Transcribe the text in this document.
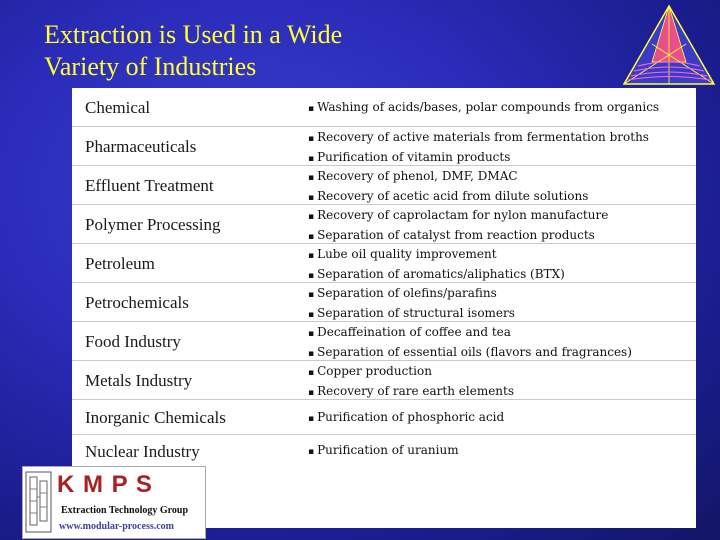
Extraction is Used in a Wide
Variety of Industries
Chemical	▪ Washing of acids/bases, polar compounds from organics
Pharmaceuticals	▪ Recovery of active materials from fermentation broths
▪ Purification of vitamin products
Effluent Treatment	▪ Recovery of phenol, DMF, DMAC
▪ Recovery of acetic acid from dilute solutions
Polymer Processing	▪ Recovery of caprolactam for nylon manufacture
▪ Separation of catalyst from reaction products
Petroleum	▪ Lube oil quality improvement
▪ Separation of aromatics/aliphatics (BTX)
Petrochemicals	▪ Separation of olefins/parafins
▪ Separation of structural isomers
Food Industry	▪ Decaffeination of coffee and tea
▪ Separation of essential oils (flavors and fragrances)
Metals Industry	▪ Copper production
▪ Recovery of rare earth elements
Inorganic Chemicals	▪ Purification of phosphoric acid
Nuclear Industry	▪ Purification of uranium
K M P S
Extraction Technology Group
www.modular-process.com
